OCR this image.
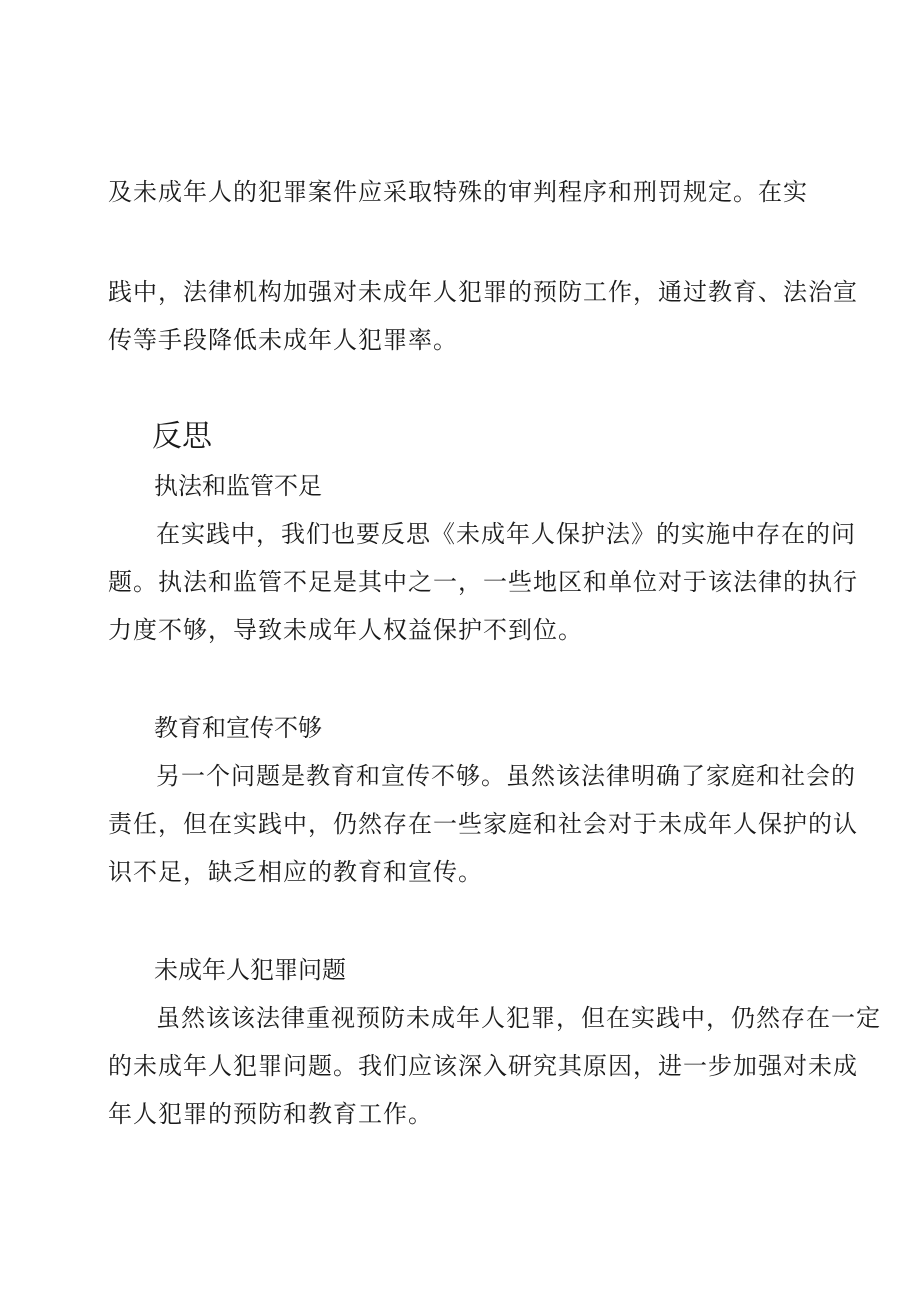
及未成年人的犯罪案件应采取特殊的审判程序和刑罚规定。在实
践中，法律机构加强对未成年人犯罪的预防工作，通过教育、法治宣
传等手段降低未成年人犯罪率。
反思
执法和监管不足
在实践中，我们也要反思《未成年人保护法》的实施中存在的问
题。执法和监管不足是其中之一，一些地区和单位对于该法律的执行
力度不够，导致未成年人权益保护不到位。
教育和宣传不够
另一个问题是教育和宣传不够。虽然该法律明确了家庭和社会的
责任，但在实践中，仍然存在一些家庭和社会对于未成年人保护的认
识不足，缺乏相应的教育和宣传。
未成年人犯罪问题
虽然该该法律重视预防未成年人犯罪，但在实践中，仍然存在一定
的未成年人犯罪问题。我们应该深入研究其原因，进一步加强对未成
年人犯罪的预防和教育工作。
